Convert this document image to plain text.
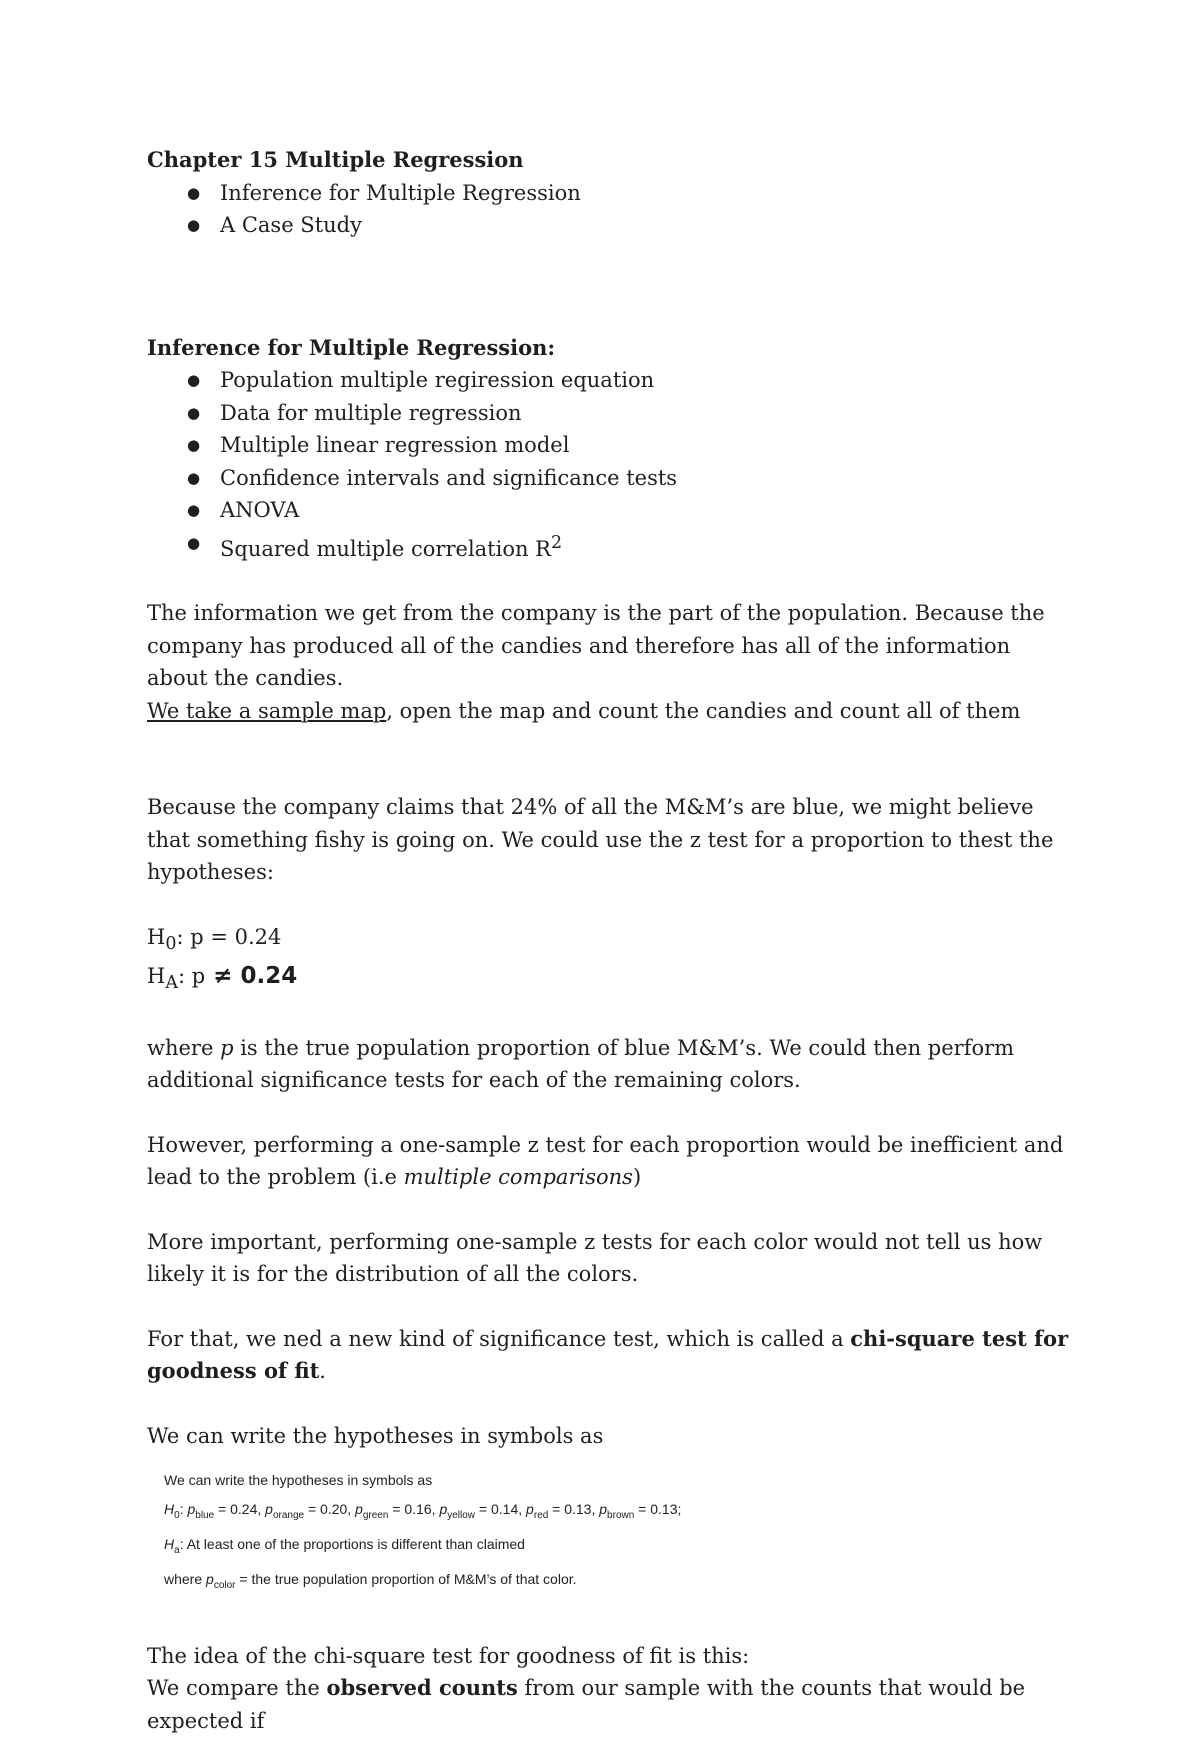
Chapter 15 Multiple Regression

● Inference for Multiple Regression
● A Case Study

Inference for Multiple Regression:

● Population multiple regiression equation
● Data for multiple regression
● Multiple linear regression model
● Confidence intervals and significance tests
● ANOVA
● Squared multiple correlation $R^2$

The information we get from the company is the part of the population. Because the company has produced all of the candies and therefore has all of the information about the candies.

We take a sample map, open the map and count the candies and count all of them

Because the company claims that 24% of all the M&M’s are blue, we might believe that something fishy is going on. We could use the z test for a proportion to thest the hypotheses:

$H_0$: p = 0.24

$H_A$: p ≠ 0.24

where p is the true population proportion of blue M&M’s. We could then perform additional significance tests for each of the remaining colors.

However, performing a one-sample z test for each proportion would be inefficient and lead to the problem (i.e multiple comparisons)

More important, performing one-sample z tests for each color would not tell us how likely it is for the distribution of all the colors.

For that, we ned a new kind of significance test, which is called a chi-square test for goodness of fit.

We can write the hypotheses in symbols as

We can write the hypotheses in symbols as

$H_0$: $p_{blue} = 0.24$, $p_{orange} = 0.20$, $p_{green} = 0.16$, $p_{yellow} = 0.14$, $p_{red} = 0.13$, $p_{brown} = 0.13$;

$H_a$: At least one of the proportions is different than claimed

where $p_{color}$ = the true population proportion of M&M’s of that color.

The idea of the chi-square test for goodness of fit is this:

We compare the observed counts from our sample with the counts that would be expected if
